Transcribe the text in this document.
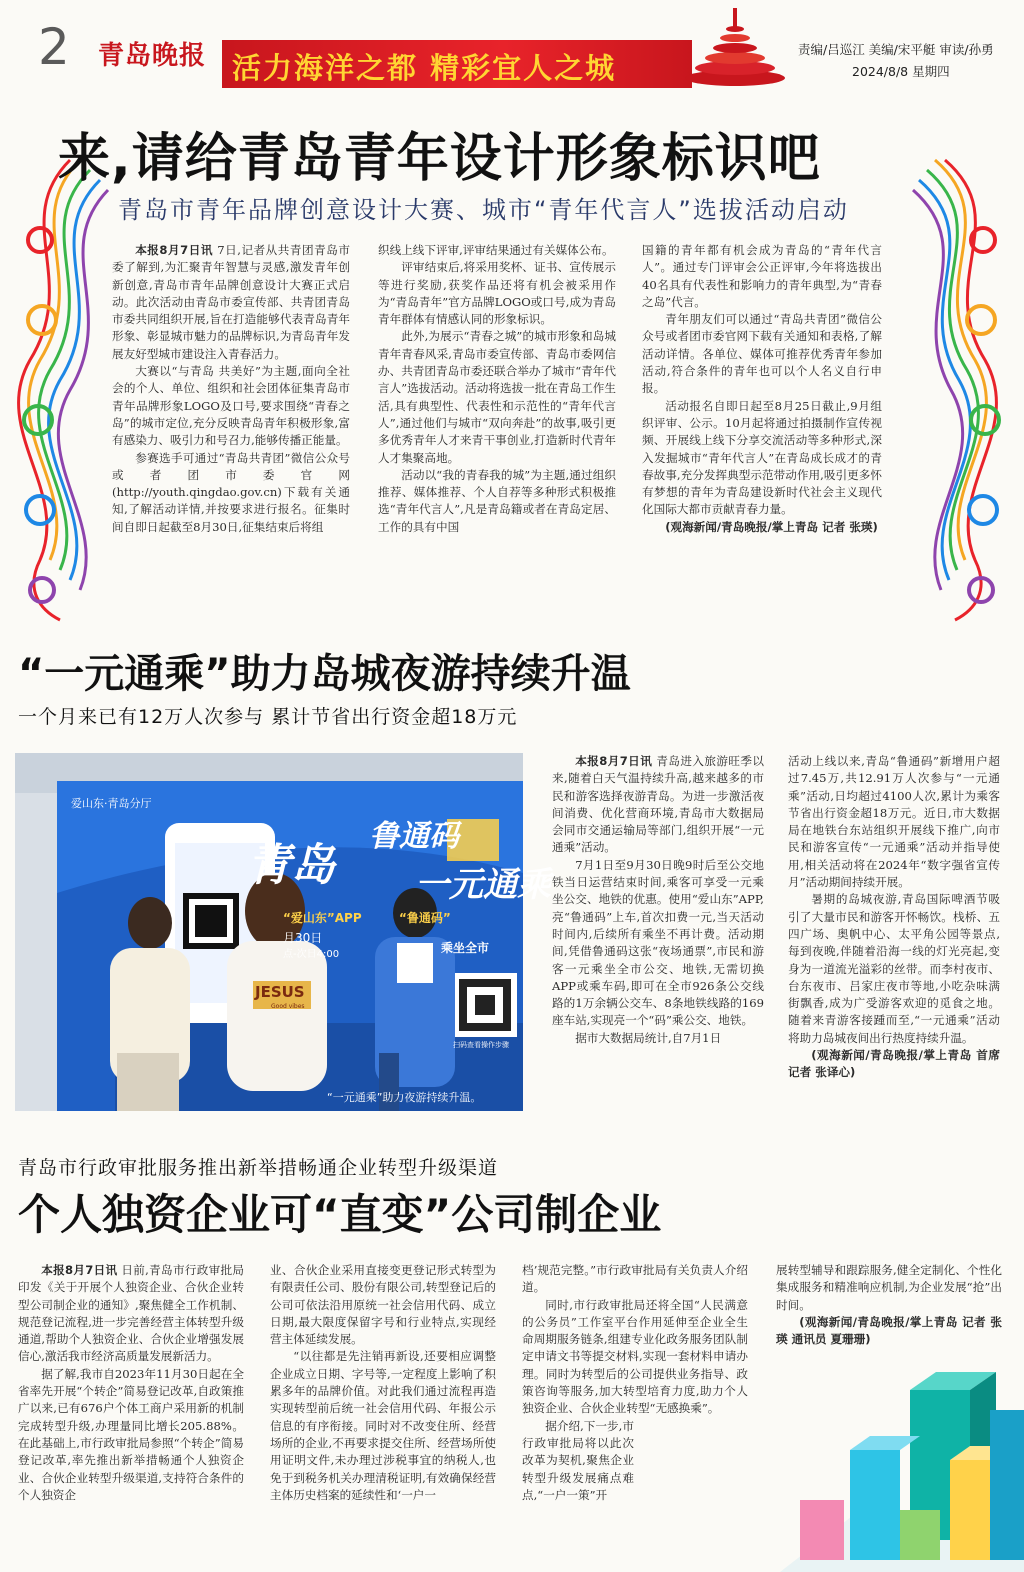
2 青岛晚报 活力海洋之都 精彩宜人之城
责编/吕巡江 美编/宋平艇 审读/孙勇
2024/8/8 星期四
来,请给青岛青年设计形象标识吧
青岛市青年品牌创意设计大赛、城市“青年代言人”选拔活动启动

本报8月7日讯 7日,记者从共青团青岛市委了解到,为汇聚青年智慧与灵感,激发青年创新创意,青岛市青年品牌创意设计大赛正式启动。此次活动由青岛市委宣传部、共青团青岛市委共同组织开展,旨在打造能够代表青岛青年形象、彰显城市魅力的品牌标识,为青岛青年发展友好型城市建设注入青春活力。

大赛以“与青岛 共美好”为主题,面向全社会的个人、单位、组织和社会团体征集青岛市青年品牌形象LOGO及口号,要求围绕“青春之岛”的城市定位,充分反映青岛青年积极形象,富有感染力、吸引力和号召力,能够传播正能量。

参赛选手可通过“青岛共青团”微信公众号或者团市委官网(http://youth.qingdao.gov.cn)下载有关通知,了解活动详情,并按要求进行报名。征集时间自即日起截至8月30日,征集结束后将组

织线上线下评审,评审结果通过有关媒体公布。

评审结束后,将采用奖杯、证书、宣传展示等进行奖励,获奖作品还将有机会被采用作为“青岛青年”官方品牌LOGO或口号,成为青岛青年群体有情感认同的形象标识。

此外,为展示“青春之城”的城市形象和岛城青年青春风采,青岛市委宣传部、青岛市委网信办、共青团青岛市委还联合举办了城市“青年代言人”选拔活动。活动将选拔一批在青岛工作生活,具有典型性、代表性和示范性的“青年代言人”,通过他们与城市“双向奔赴”的故事,吸引更多优秀青年人才来青干事创业,打造新时代青年人才集聚高地。

活动以“我的青春我的城”为主题,通过组织推荐、媒体推荐、个人自荐等多种形式积极推选“青年代言人”,凡是青岛籍或者在青岛定居、工作的具有中国

国籍的青年都有机会成为青岛的“青年代言人”。通过专门评审会公正评审,今年将选拔出40名具有代表性和影响力的青年典型,为“青春之岛”代言。

青年朋友们可以通过“青岛共青团”微信公众号或者团市委官网下载有关通知和表格,了解活动详情。各单位、媒体可推荐优秀青年参加活动,符合条件的青年也可以个人名义自行申报。

活动报名自即日起至8月25日截止,9月组织评审、公示。10月起将通过拍摄制作宣传视频、开展线上线下分享交流活动等多种形式,深入发掘城市“青年代言人”在青岛成长成才的青春故事,充分发挥典型示范带动作用,吸引更多怀有梦想的青年为青岛建设新时代社会主义现代化国际大都市贡献青春力量。

(观海新闻/青岛晚报/掌上青岛 记者 张瑛)

“一元通乘”助力岛城夜游持续升温
一个月来已有12万人次参与 累计节省出行资金超18万元
爱山东·青岛分厅
青岛
鲁通码
一元通乘
“爱山东”APP	“鲁通码”
月30日
点-次日4:00	乘坐全市
扫码查看操作步骤
JESUS
Good vibes
“一元通乘”助力夜游持续升温。

本报8月7日讯 青岛进入旅游旺季以来,随着白天气温持续升高,越来越多的市民和游客选择夜游青岛。为进一步激活夜间消费、优化营商环境,青岛市大数据局会同市交通运输局等部门,组织开展“一元通乘”活动。

7月1日至9月30日晚9时后至公交地铁当日运营结束时间,乘客可享受一元乘坐公交、地铁的优惠。使用“爱山东”APP,亮“鲁通码”上车,首次扣费一元,当天活动时间内,后续所有乘坐不再计费。活动期间,凭借鲁通码这张“夜场通票”,市民和游客一元乘坐全市公交、地铁,无需切换APP或乘车码,即可在全市926条公交线路的1万余辆公交车、8条地铁线路的169座车站,实现亮一个“码”乘公交、地铁。

据市大数据局统计,自7月1日

活动上线以来,青岛“鲁通码”新增用户超过7.45万,共12.91万人次参与“一元通乘”活动,日均超过4100人次,累计为乘客节省出行资金超18万元。近日,市大数据局在地铁台东站组织开展线下推广,向市民和游客宣传“一元通乘”活动并指导使用,相关活动将在2024年“数字强省宣传月”活动期间持续开展。

暑期的岛城夜游,青岛国际啤酒节吸引了大量市民和游客开怀畅饮。栈桥、五四广场、奥帆中心、太平角公园等景点,每到夜晚,伴随着沿海一线的灯光亮起,变身为一道流光溢彩的丝带。而李村夜市、台东夜市、吕家庄夜市等地,小吃杂味满街飘香,成为广受游客欢迎的觅食之地。随着来青游客接踵而至,“一元通乘”活动将助力岛城夜间出行热度持续升温。

(观海新闻/青岛晚报/掌上青岛 首席记者 张译心)

青岛市行政审批服务推出新举措畅通企业转型升级渠道
个人独资企业可“直变”公司制企业

本报8月7日讯 日前,青岛市行政审批局印发《关于开展个人独资企业、合伙企业转型公司制企业的通知》,聚焦健全工作机制、规范登记流程,进一步完善经营主体转型升级通道,帮助个人独资企业、合伙企业增强发展信心,激活我市经济高质量发展新活力。

据了解,我市自2023年11月30日起在全省率先开展“个转企”简易登记改革,自政策推广以来,已有676户个体工商户采用新的机制完成转型升级,办理量同比增长205.88%。在此基础上,市行政审批局参照“个转企”简易登记改革,率先推出新举措畅通个人独资企业、合伙企业转型升级渠道,支持符合条件的个人独资企

业、合伙企业采用直接变更登记形式转型为有限责任公司、股份有限公司,转型登记后的公司可依法沿用原统一社会信用代码、成立日期,最大限度保留字号和行业特点,实现经营主体延续发展。

“以往都是先注销再新设,还要相应调整企业成立日期、字号等,一定程度上影响了积累多年的品牌价值。对此我们通过流程再造实现转型前后统一社会信用代码、年报公示信息的有序衔接。同时对不改变住所、经营场所的企业,不再要求提交住所、经营场所使用证明文件,未办理过涉税事宜的纳税人,也免于到税务机关办理清税证明,有效确保经营主体历史档案的延续性和‘一户一

档’规范完整。”市行政审批局有关负责人介绍道。

同时,市行政审批局还将全国“人民满意的公务员”工作室平台作用延伸至企业全生命周期服务链条,组建专业化政务服务团队制定申请文书等提交材料,实现一套材料申请办理。同时为转型后的公司提供业务指导、政策咨询等服务,加大转型培育力度,助力个人独资企业、合伙企业转型“无感换乘”。

据介绍,下一步,市行政审批局将以此次改革为契机,聚焦企业转型升级发展痛点难点,“一户一策”开

展转型辅导和跟踪服务,健全定制化、个性化集成服务和精准响应机制,为企业发展“抢”出时间。

(观海新闻/青岛晚报/掌上青岛 记者 张瑛 通讯员 夏珊珊)
